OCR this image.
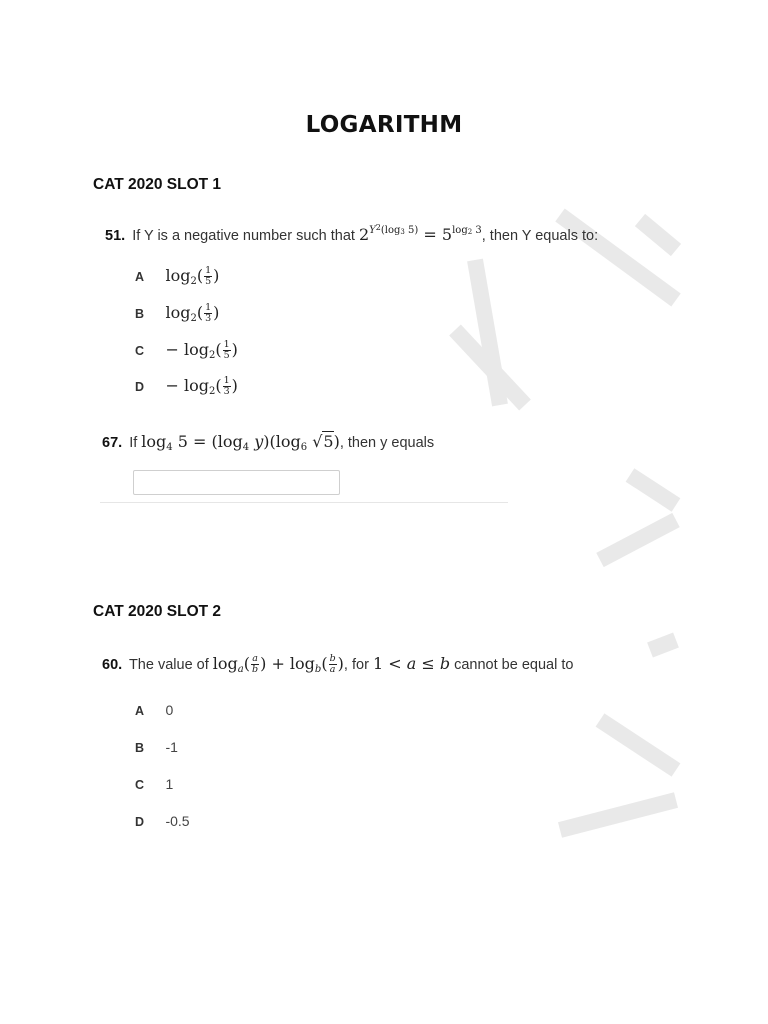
LOGARITHM
CAT 2020 SLOT 1
51. If Y is a negative number such that $2^{Y^2(log3 5)} = 5^{log2 3}$, then Y equals to:
A $\log_2( \frac{1}{5}$ )
B $\log_2( \frac{1}{3}$ )
$C - \log_2( \frac{1}{5}$ )
$D - \log_2( \frac{1}{3}$ )
67. If $\log_4 5 = (\log_4$ $y)(\log_6$ √5), then y equals
CAT 2020 SLOT 2
60. The value of $\log_a( \frac{a}{b}$ ) + $\log_b( \frac{b}{a}$ ), for 1 < a ≤ b cannot be equal to
A 0
B -1
C 1
D -0.5
